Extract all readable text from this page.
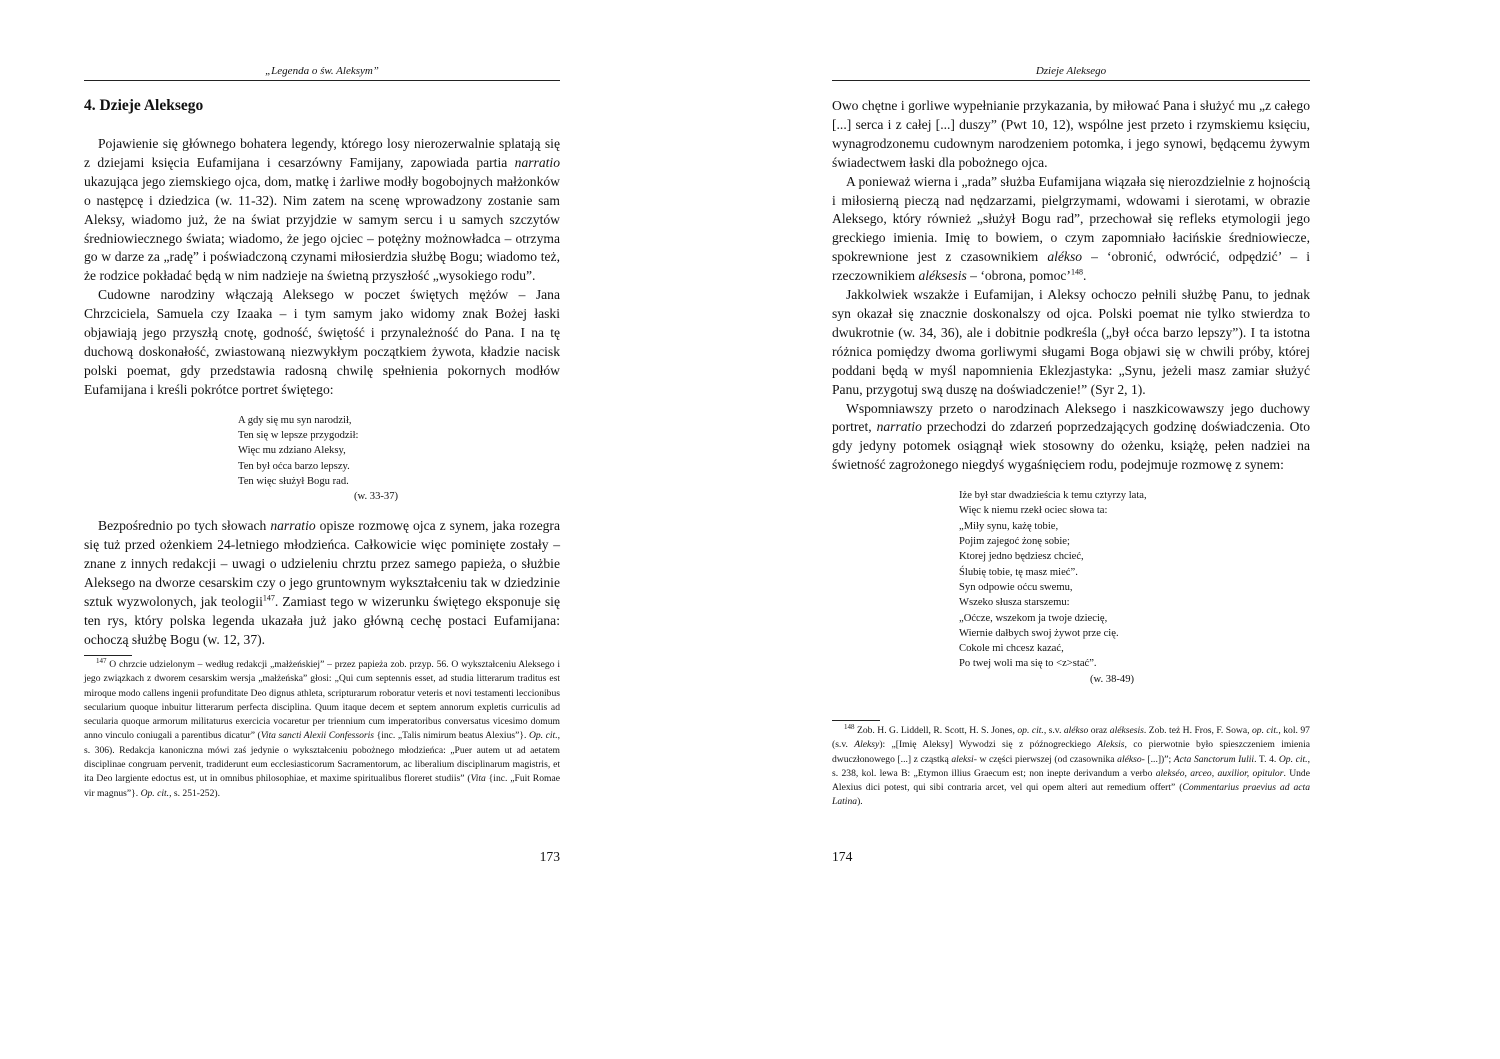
„Legenda o św. Aleksym”
4. Dzieje Aleksego

Pojawienie się głównego bohatera legendy, którego losy nierozerwalnie splatają się z dziejami księcia Eufamijana i cesarzówny Famijany, zapowiada partia narratio ukazująca jego ziemskiego ojca, dom, matkę i żarliwe modły bogobojnych małżonków o następcę i dziedzica (w. 11-32). Nim zatem na scenę wprowadzony zostanie sam Aleksy, wiadomo już, że na świat przyjdzie w samym sercu i u samych szczytów średniowiecznego świata; wiadomo, że jego ojciec – potężny możnowładca – otrzyma go w darze za „radę” i poświadczoną czynami miłosierdzia służbę Bogu; wiadomo też, że rodzice pokładać będą w nim nadzieje na świetną przyszłość „wysokiego rodu”.

Cudowne narodziny włączają Aleksego w poczet świętych mężów – Jana Chrzciciela, Samuela czy Izaaka – i tym samym jako widomy znak Bożej łaski objawiają jego przyszłą cnotę, godność, świętość i przynależność do Pana. I na tę duchową doskonałość, zwiastowaną niezwykłym początkiem żywota, kładzie nacisk polski poemat, gdy przedstawia radosną chwilę spełnienia pokornych modłów Eufamijana i kreśli pokrótce portret świętego:

A gdy się mu syn narodził,
Ten się w lepsze przygodził:
Więc mu zdziano Aleksy,
Ten był oćca barzo lepszy.
Ten więc służył Bogu rad.
(w. 33-37)

Bezpośrednio po tych słowach narratio opisze rozmowę ojca z synem, jaka rozegra się tuż przed ożenkiem 24-letniego młodzieńca. Całkowicie więc pominięte zostały – znane z innych redakcji – uwagi o udzieleniu chrztu przez samego papieża, o służbie Aleksego na dworze cesarskim czy o jego gruntownym wykształceniu tak w dziedzinie sztuk wyzwolonych, jak teologii$^{147}$. Zamiast tego w wizerunku świętego eksponuje się ten rys, który polska legenda ukazała już jako główną cechę postaci Eufamijana: ochoczą służbę Bogu (w. 12, 37).

$^{147}$ O chrzcie udzielonym – według redakcji „małżeńskiej” – przez papieża zob. przyp. 56. O wykształceniu Aleksego i jego związkach z dworem cesarskim wersja „małżeńska” głosi: „Qui cum septennis esset, ad studia litterarum traditus est miroque modo callens ingenii profunditate Deo dignus athleta, scripturarum roboratur veteris et novi testamenti leccionibus secularium quoque inbuitur litterarum perfecta disciplina. Quum itaque decem et septem annorum expletis curriculis ad secularia quoque armorum militaturus exercicia vocaretur per triennium cum imperatoribus conversatus vicesimo domum anno vinculo coniugali a parentibus dicatur” (Vita sancti Alexii Confessoris {inc. „Talis nimirum beatus Alexius”}. Op. cit., s. 306). Redakcja kanoniczna mówi zaś jedynie o wykształceniu pobożnego młodzieńca: „Puer autem ut ad aetatem disciplinae congruam pervenit, tradiderunt eum ecclesiasticorum Sacramentorum, ac liberalium disciplinarum magistris, et ita Deo largiente edoctus est, ut in omnibus philosophiae, et maxime spiritualibus floreret studiis” (Vita {inc. „Fuit Romae vir magnus”}. Op. cit., s. 251-252).

173
Dzieje Aleksego

Owo chętne i gorliwe wypełnianie przykazania, by miłować Pana i służyć mu „z całego [...] serca i z całej [...] duszy” (Pwt 10, 12), wspólne jest przeto i rzymskiemu księciu, wynagrodzonemu cudownym narodzeniem potomka, i jego synowi, będącemu żywym świadectwem łaski dla pobożnego ojca.

A ponieważ wierna i „rada” służba Eufamijana wiązała się nierozdzielnie z hojnością i miłosierną pieczą nad nędzarzami, pielgrzymami, wdowami i sierotami, w obrazie Aleksego, który również „służył Bogu rad”, przechował się refleks etymologii jego greckiego imienia. Imię to bowiem, o czym zapomniało łacińskie średniowiecze, spokrewnione jest z czasownikiem alékso – ‘obronić, odwrócić, odpędzić’ – i rzeczownikiem aléksesis – ‘obrona, pomoc’$^{148}$.

Jakkolwiek wszakże i Eufamijan, i Aleksy ochoczo pełnili służbę Panu, to jednak syn okazał się znacznie doskonalszy od ojca. Polski poemat nie tylko stwierdza to dwukrotnie (w. 34, 36), ale i dobitnie podkreśla („był oćca barzo lepszy”). I ta istotna różnica pomiędzy dwoma gorliwymi sługami Boga objawi się w chwili próby, której poddani będą w myśl napomnienia Eklezjastyka: „Synu, jeżeli masz zamiar służyć Panu, przygotuj swą duszę na doświadczenie!” (Syr 2, 1).

Wspomniawszy przeto o narodzinach Aleksego i naszkicowawszy jego duchowy portret, narratio przechodzi do zdarzeń poprzedzających godzinę doświadczenia. Oto gdy jedyny potomek osiągnął wiek stosowny do ożenku, książę, pełen nadziei na świetność zagrożonego niegdyś wygaśnięciem rodu, podejmuje rozmowę z synem:

Iże był star dwadzieścia k temu cztyrzy lata,
Więc k niemu rzekł ociec słowa ta:
„Miły synu, każę tobie,
Pojim zajegoć żonę sobie;
Ktorej jedno będziesz chcieć,
Ślubię tobie, tę masz mieć”.
Syn odpowie oćcu swemu,
Wszeko słusza starszemu:
„Oćcze, wszekom ja twoje dziecię,
Wiernie dałbych swoj żywot prze cię.
Cokole mi chcesz kazać,
Po twej woli ma się to <z>stać”.
(w. 38-49)

$^{148}$ Zob. H. G. Liddell, R. Scott, H. S. Jones, op. cit., s.v. alékso oraz aléksesis. Zob. też H. Fros, F. Sowa, op. cit., kol. 97 (s.v. Aleksy): „[Imię Aleksy] Wywodzi się z późnogreckiego Aleksis, co pierwotnie było spieszczeniem imienia dwuczłonowego [...] z cząstką aleksi- w części pierwszej (od czasownika alékso- [...])”; Acta Sanctorum Iulii. T. 4. Op. cit., s. 238, kol. lewa B: „Etymon illius Graecum est; non inepte derivandum a verbo alekséo, arceo, auxilior, opitulor. Unde Alexius dici potest, qui sibi contraria arcet, vel qui opem alteri aut remedium offert” (Commentarius praevius ad acta Latina).

174
